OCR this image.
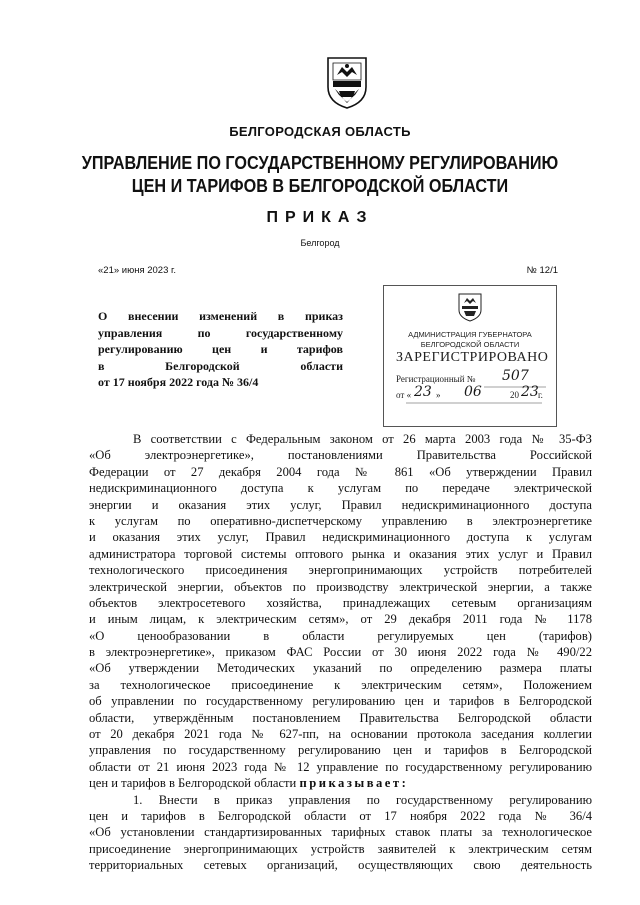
БЕЛГОРОДСКАЯ ОБЛАСТЬ
УПРАВЛЕНИЕ ПО ГОСУДАРСТВЕННОМУ РЕГУЛИРОВАНИЮ
ЦЕН И ТАРИФОВ В БЕЛГОРОДСКОЙ ОБЛАСТИ
ПРИКАЗ
Белгород
«21» июня 2023 г.	№ 12/1
О внесении изменений в приказ
управления по государственному
регулированию цен и тарифов
в Белгородской области
от 17 ноября 2022 года № 36/4
АДМИНИСТРАЦИЯ ГУБЕРНАТОРА
БЕЛГОРОДСКОЙ ОБЛАСТИ
ЗАРЕГИСТРИРОВАНО
Регистрационный № 507
от « 23 » 06	20 23 г.
В соответствии с Федеральным законом от 26 марта 2003 года № 35-ФЗ
«Об электроэнергетике», постановлениями Правительства Российской
Федерации от 27 декабря 2004 года № 861 «Об утверждении Правил
недискриминационного доступа к услугам по передаче электрической
энергии и оказания этих услуг, Правил недискриминационного доступа
к услугам по оперативно-диспетчерскому управлению в электроэнергетике
и оказания этих услуг, Правил недискриминационного доступа к услугам
администратора торговой системы оптового рынка и оказания этих услуг и Правил
технологического присоединения энергопринимающих устройств потребителей
электрической энергии, объектов по производству электрической энергии, а также
объектов электросетевого хозяйства, принадлежащих сетевым организациям
и иным лицам, к электрическим сетям», от 29 декабря 2011 года № 1178
«О ценообразовании в области регулируемых цен (тарифов)
в электроэнергетике», приказом ФАС России от 30 июня 2022 года № 490/22
«Об утверждении Методических указаний по определению размера платы
за технологическое присоединение к электрическим сетям», Положением
об управлении по государственному регулированию цен и тарифов в Белгородской
области, утверждённым постановлением Правительства Белгородской области
от 20 декабря 2021 года № 627-пп, на основании протокола заседания коллегии
управления по государственному регулированию цен и тарифов в Белгородской
области от 21 июня 2023 года № 12 управление по государственному регулированию
цен и тарифов в Белгородской области приказывает:
1. Внести в приказ управления по государственному регулированию
цен и тарифов в Белгородской области от 17 ноября 2022 года № 36/4
«Об установлении стандартизированных тарифных ставок платы за технологическое
присоединение энергопринимающих устройств заявителей к электрическим сетям
территориальных сетевых организаций, осуществляющих свою деятельность
